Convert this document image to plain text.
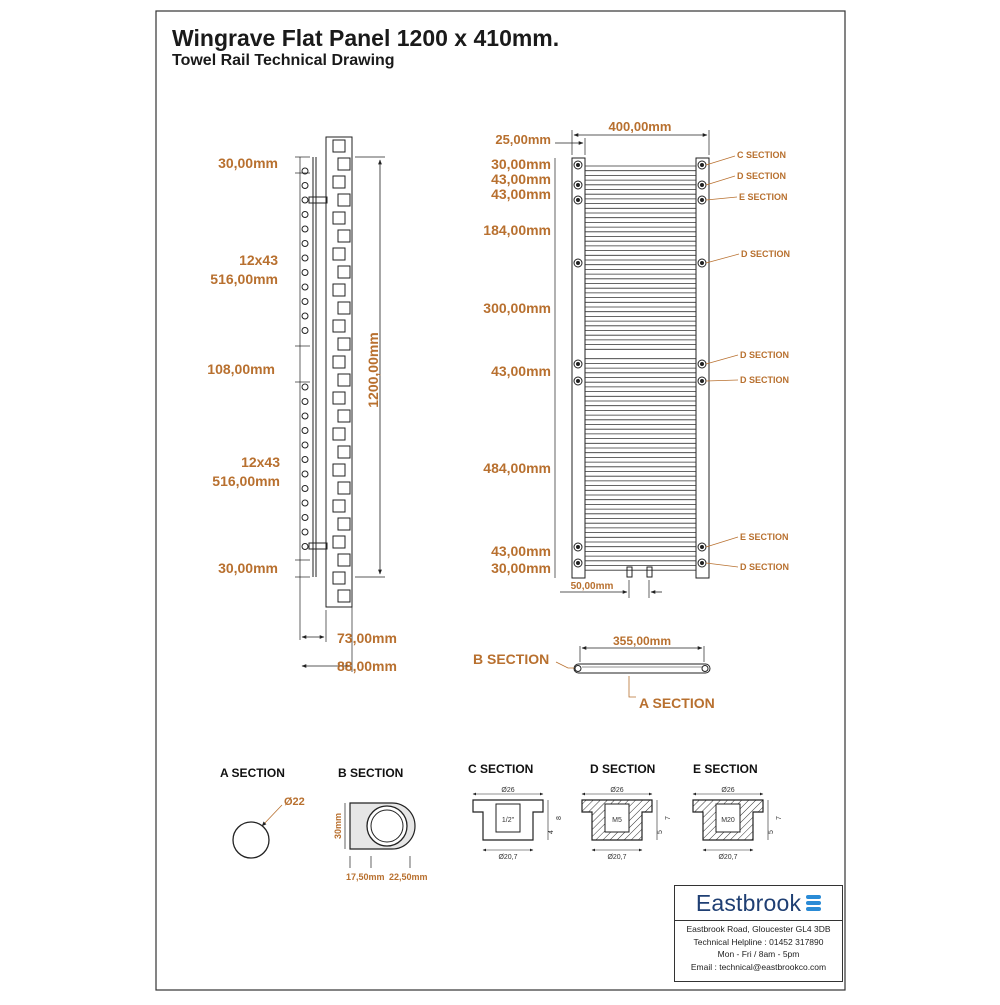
30,00mm
12x43
516,00mm
108,00mm
12x43
516,00mm
30,00mm
1200,00mm
73,00mm
88,00mm
25,00mm
400,00mm
30,00mm
43,00mm
43,00mm
184,00mm
300,00mm
43,00mm
484,00mm
43,00mm
30,00mm
50,00mm
C SECTION
D SECTION
E SECTION
D SECTION
D SECTION
D SECTION
E SECTION
D SECTION
355,00mm
B SECTION
A SECTION
A SECTION	B SECTION	C SECTION	D SECTION	E SECTION
Ø22
30mm
17,50mm 22,50mm
Ø26
1/2"
Ø20,7
4
8
Ø26
M5
Ø20,7
5
7
Ø26
M20
Ø20,7
5
7
Wingrave Flat Panel 1200 x 410mm.
Towel Rail Technical Drawing
Eastbrook
Eastbrook Road, Gloucester GL4 3DB
Technical Helpline : 01452 317890
Mon - Fri / 8am - 5pm
Email : technical@eastbrookco.com
